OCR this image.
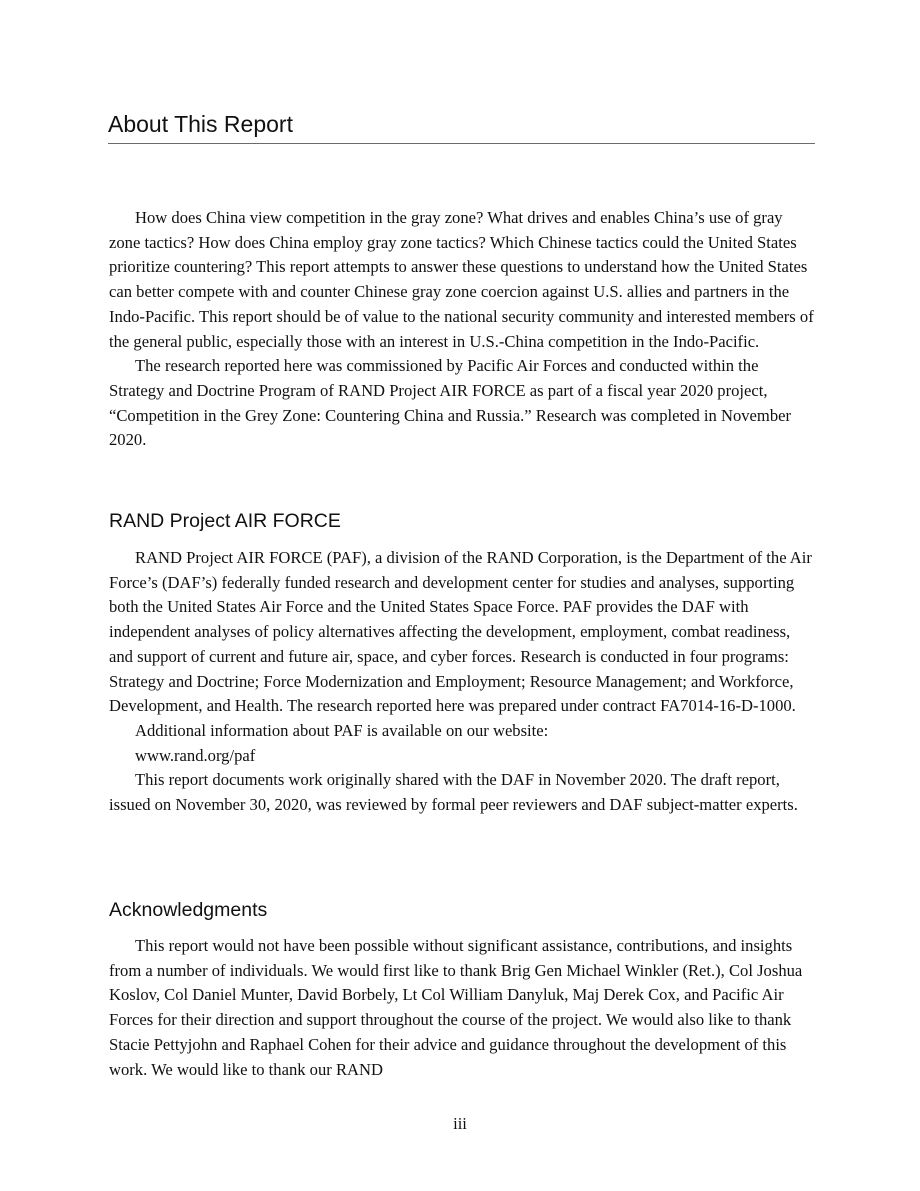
About This Report

How does China view competition in the gray zone? What drives and enables China’s use of gray zone tactics? How does China employ gray zone tactics? Which Chinese tactics could the United States prioritize countering? This report attempts to answer these questions to understand how the United States can better compete with and counter Chinese gray zone coercion against U.S. allies and partners in the Indo-Pacific. This report should be of value to the national security community and interested members of the general public, especially those with an interest in U.S.-China competition in the Indo-Pacific.

The research reported here was commissioned by Pacific Air Forces and conducted within the Strategy and Doctrine Program of RAND Project AIR FORCE as part of a fiscal year 2020 project, “Competition in the Grey Zone: Countering China and Russia.” Research was completed in November 2020.

RAND Project AIR FORCE

RAND Project AIR FORCE (PAF), a division of the RAND Corporation, is the Department of the Air Force’s (DAF’s) federally funded research and development center for studies and analyses, supporting both the United States Air Force and the United States Space Force. PAF provides the DAF with independent analyses of policy alternatives affecting the development, employment, combat readiness, and support of current and future air, space, and cyber forces. Research is conducted in four programs: Strategy and Doctrine; Force Modernization and Employment; Resource Management; and Workforce, Development, and Health. The research reported here was prepared under contract FA7014-16-D-1000.

Additional information about PAF is available on our website:

www.rand.org/paf

This report documents work originally shared with the DAF in November 2020. The draft report, issued on November 30, 2020, was reviewed by formal peer reviewers and DAF subject-matter experts.

Acknowledgments

This report would not have been possible without significant assistance, contributions, and insights from a number of individuals. We would first like to thank Brig Gen Michael Winkler (Ret.), Col Joshua Koslov, Col Daniel Munter, David Borbely, Lt Col William Danyluk, Maj Derek Cox, and Pacific Air Forces for their direction and support throughout the course of the project. We would also like to thank Stacie Pettyjohn and Raphael Cohen for their advice and guidance throughout the development of this work. We would like to thank our RAND

iii
